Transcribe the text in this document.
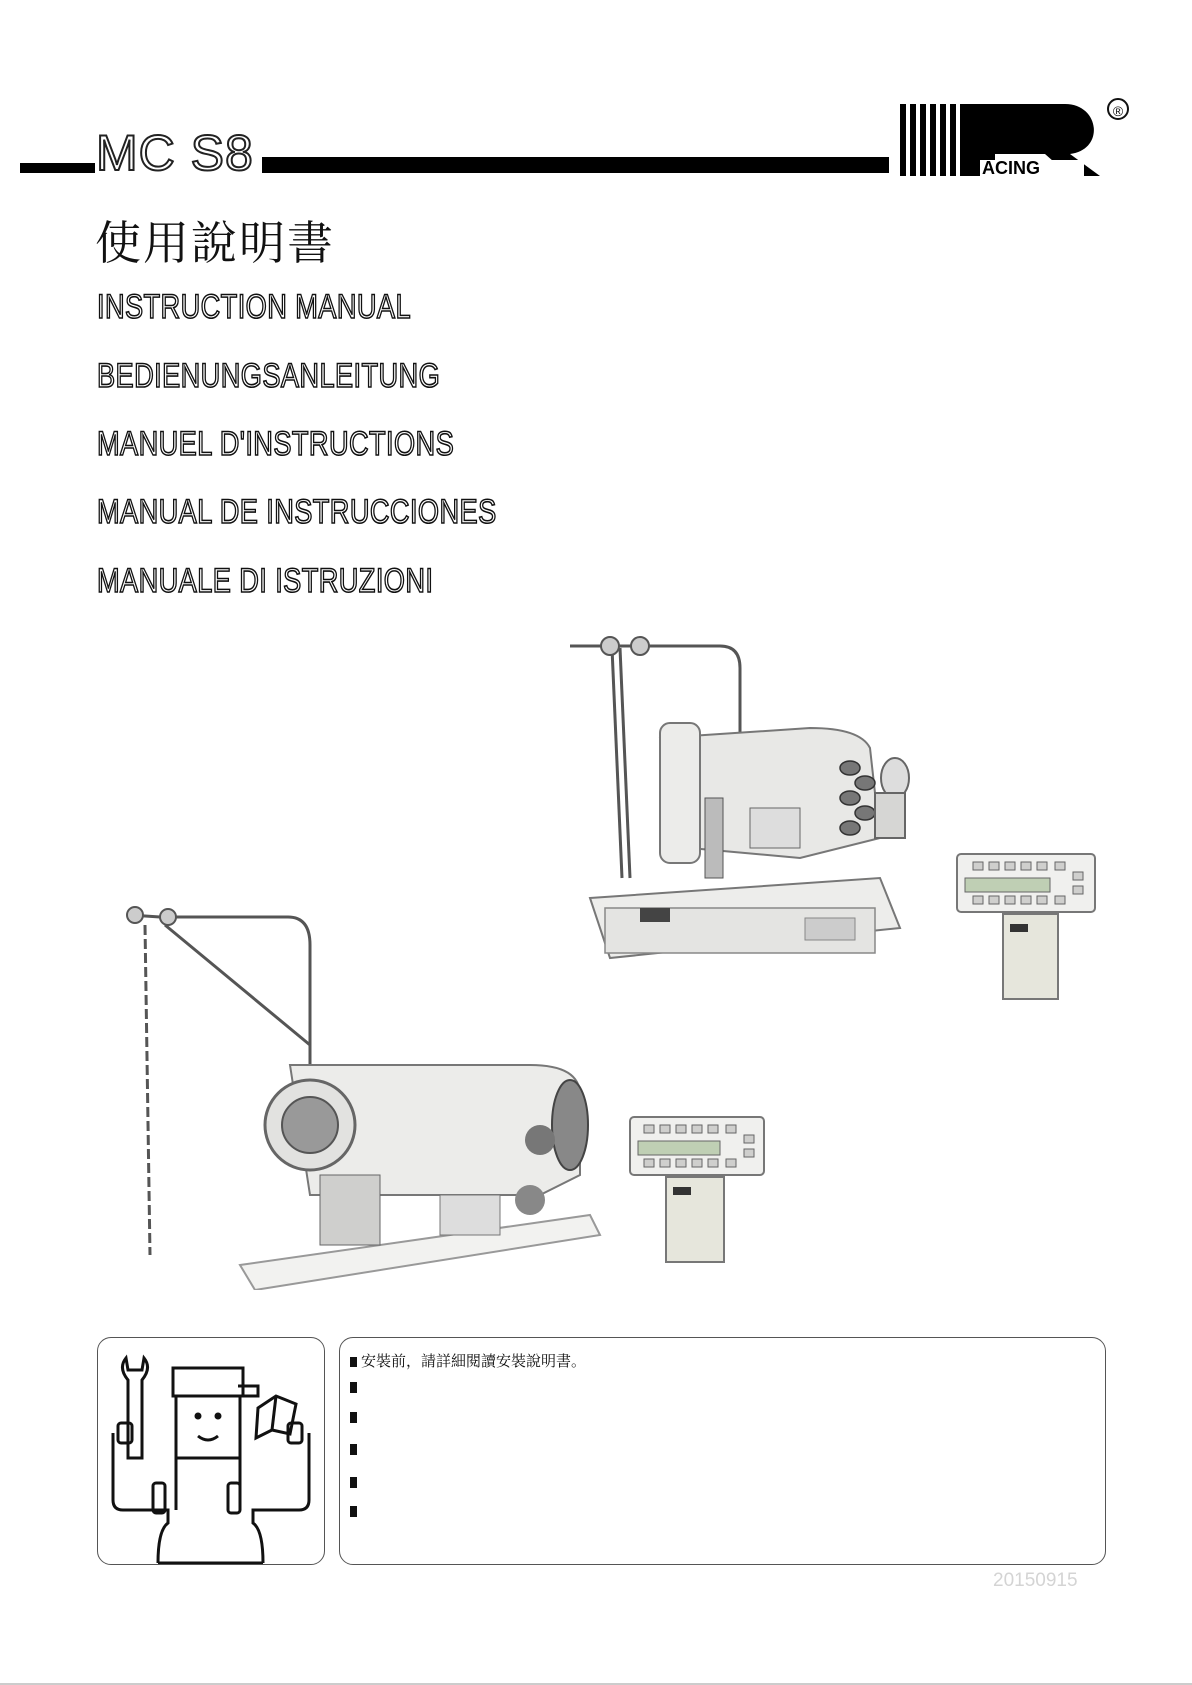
MC S8	ACING
®
使用說明書
INSTRUCTION MANUAL
BEDIENUNGSANLEITUNG
MANUEL D'INSTRUCTIONS
MANUAL DE INSTRUCCIONES
MANUALE DI ISTRUZIONI
安裝前，請詳細閱讀安裝說明書。
20150915
